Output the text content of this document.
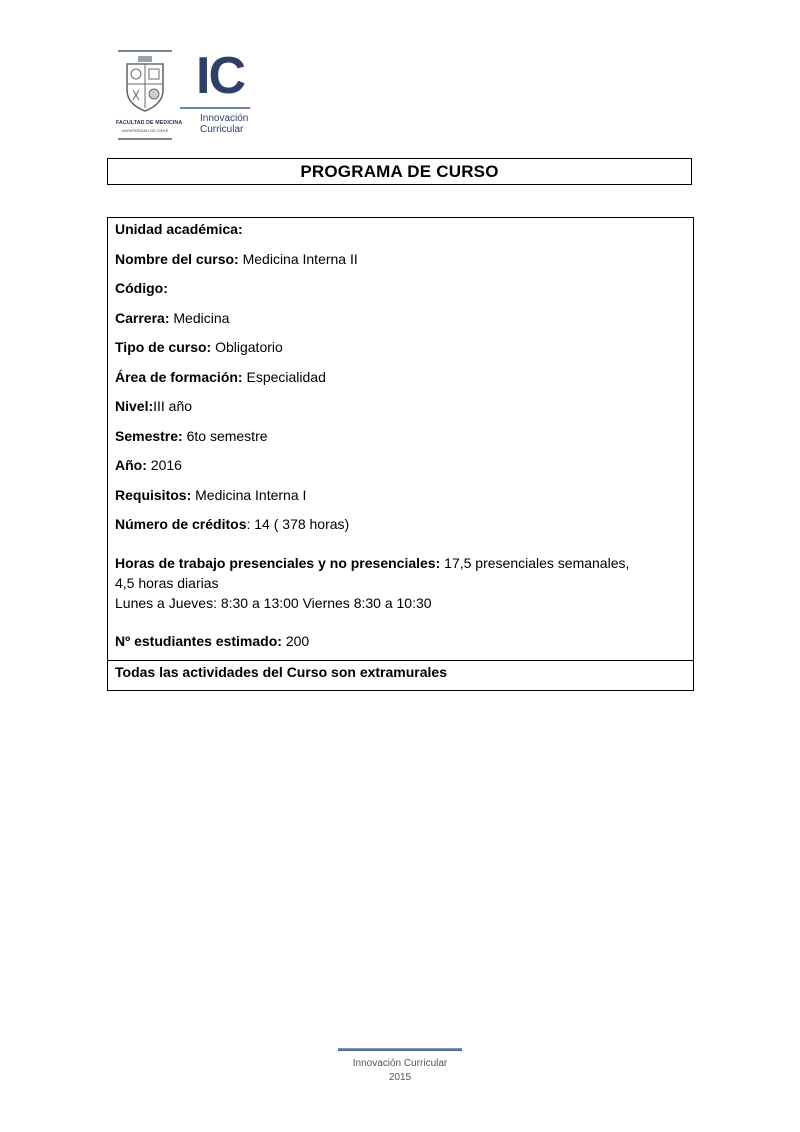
FACULTAD DE MEDICINA
UNIVERSIDAD DE CHILE
IC
Innovación
Curricular
PROGRAMA DE CURSO
Unidad académica:
Nombre del curso: Medicina Interna II
Código:
Carrera: Medicina
Tipo de curso: Obligatorio
Área de formación: Especialidad
Nivel:III año
Semestre: 6to semestre
Año: 2016
Requisitos: Medicina Interna I
Número de créditos: 14 ( 378 horas)
Horas de trabajo presenciales y no presenciales: 17,5 presenciales semanales,
4,5 horas diarias
Lunes a Jueves: 8:30 a 13:00 Viernes 8:30 a 10:30
Nº estudiantes estimado: 200
Todas las actividades del Curso son extramurales
Innovación Curricular
2015
